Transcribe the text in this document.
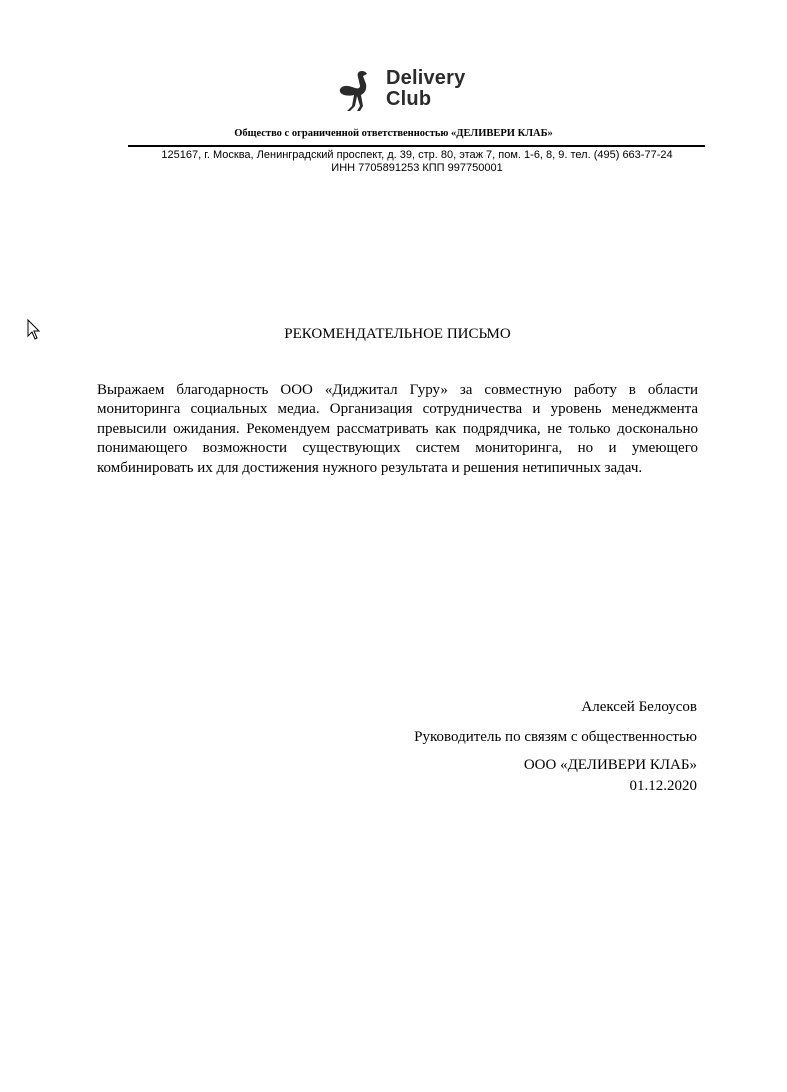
Delivery
Club
Общество с ограниченной ответственностью «ДЕЛИВЕРИ КЛАБ»
125167, г. Москва, Ленинградский проспект, д. 39, стр. 80, этаж 7, пом. 1-6, 8, 9. тел. (495) 663-77-24
ИНН 7705891253 КПП 997750001
РЕКОМЕНДАТЕЛЬНОЕ ПИСЬМО
Выражаем благодарность ООО «Диджитал Гуру» за совместную работу в области мониторинга социальных медиа. Организация сотрудничества и уровень менеджмента превысили ожидания. Рекомендуем рассматривать как подрядчика, не только досконально понимающего возможности существующих систем мониторинга, но и умеющего комбинировать их для достижения нужного результата и решения нетипичных задач.
Алексей Белоусов
Руководитель по связям с общественностью
ООО «ДЕЛИВЕРИ КЛАБ»
01.12.2020
